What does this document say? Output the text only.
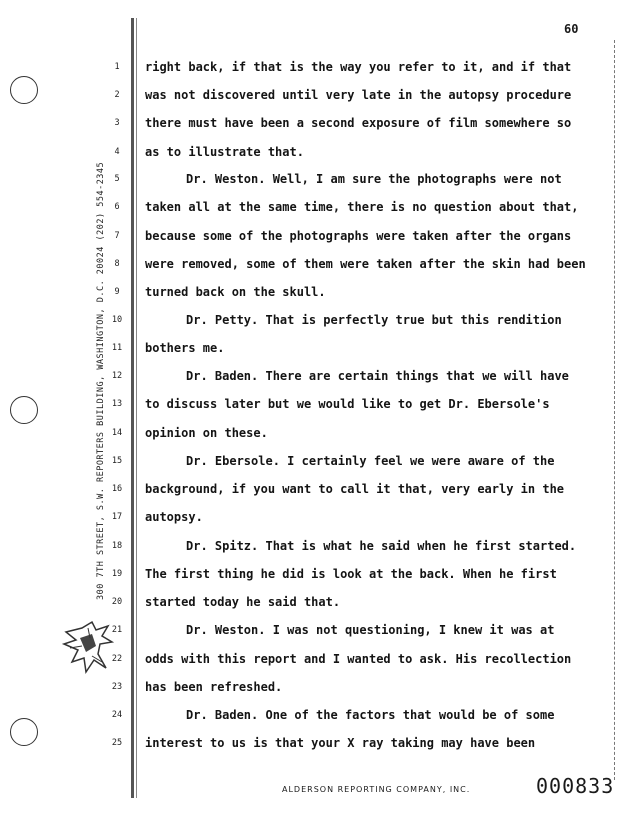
60
300 7TH STREET, S.W. REPORTERS BUILDING, WASHINGTON, D.C. 20024 (202) 554-2345
1
2
3
4
5
6
7
8
9
10
11
12
13
14
15
16
17
18
19
20
21
22
23
24
25
right back, if that is the way you refer to it, and if that
was not discovered until very late in the autopsy procedure
there must have been a second exposure of film somewhere so
as to illustrate that.
Dr. Weston. Well, I am sure the photographs were not
taken all at the same time, there is no question about that,
because some of the photographs were taken after the organs
were removed, some of them were taken after the skin had been
turned back on the skull.
Dr. Petty. That is perfectly true but this rendition
bothers me.
Dr. Baden. There are certain things that we will have
to discuss later but we would like to get Dr. Ebersole's
opinion on these.
Dr. Ebersole. I certainly feel we were aware of the
background, if you want to call it that, very early in the
autopsy.
Dr. Spitz. That is what he said when he first started.
The first thing he did is look at the back. When he first
started today he said that.
Dr. Weston. I was not questioning, I knew it was at
odds with this report and I wanted to ask. His recollection
has been refreshed.
Dr. Baden. One of the factors that would be of some
interest to us is that your X ray taking may have been
ALDERSON REPORTING COMPANY, INC.	000833
